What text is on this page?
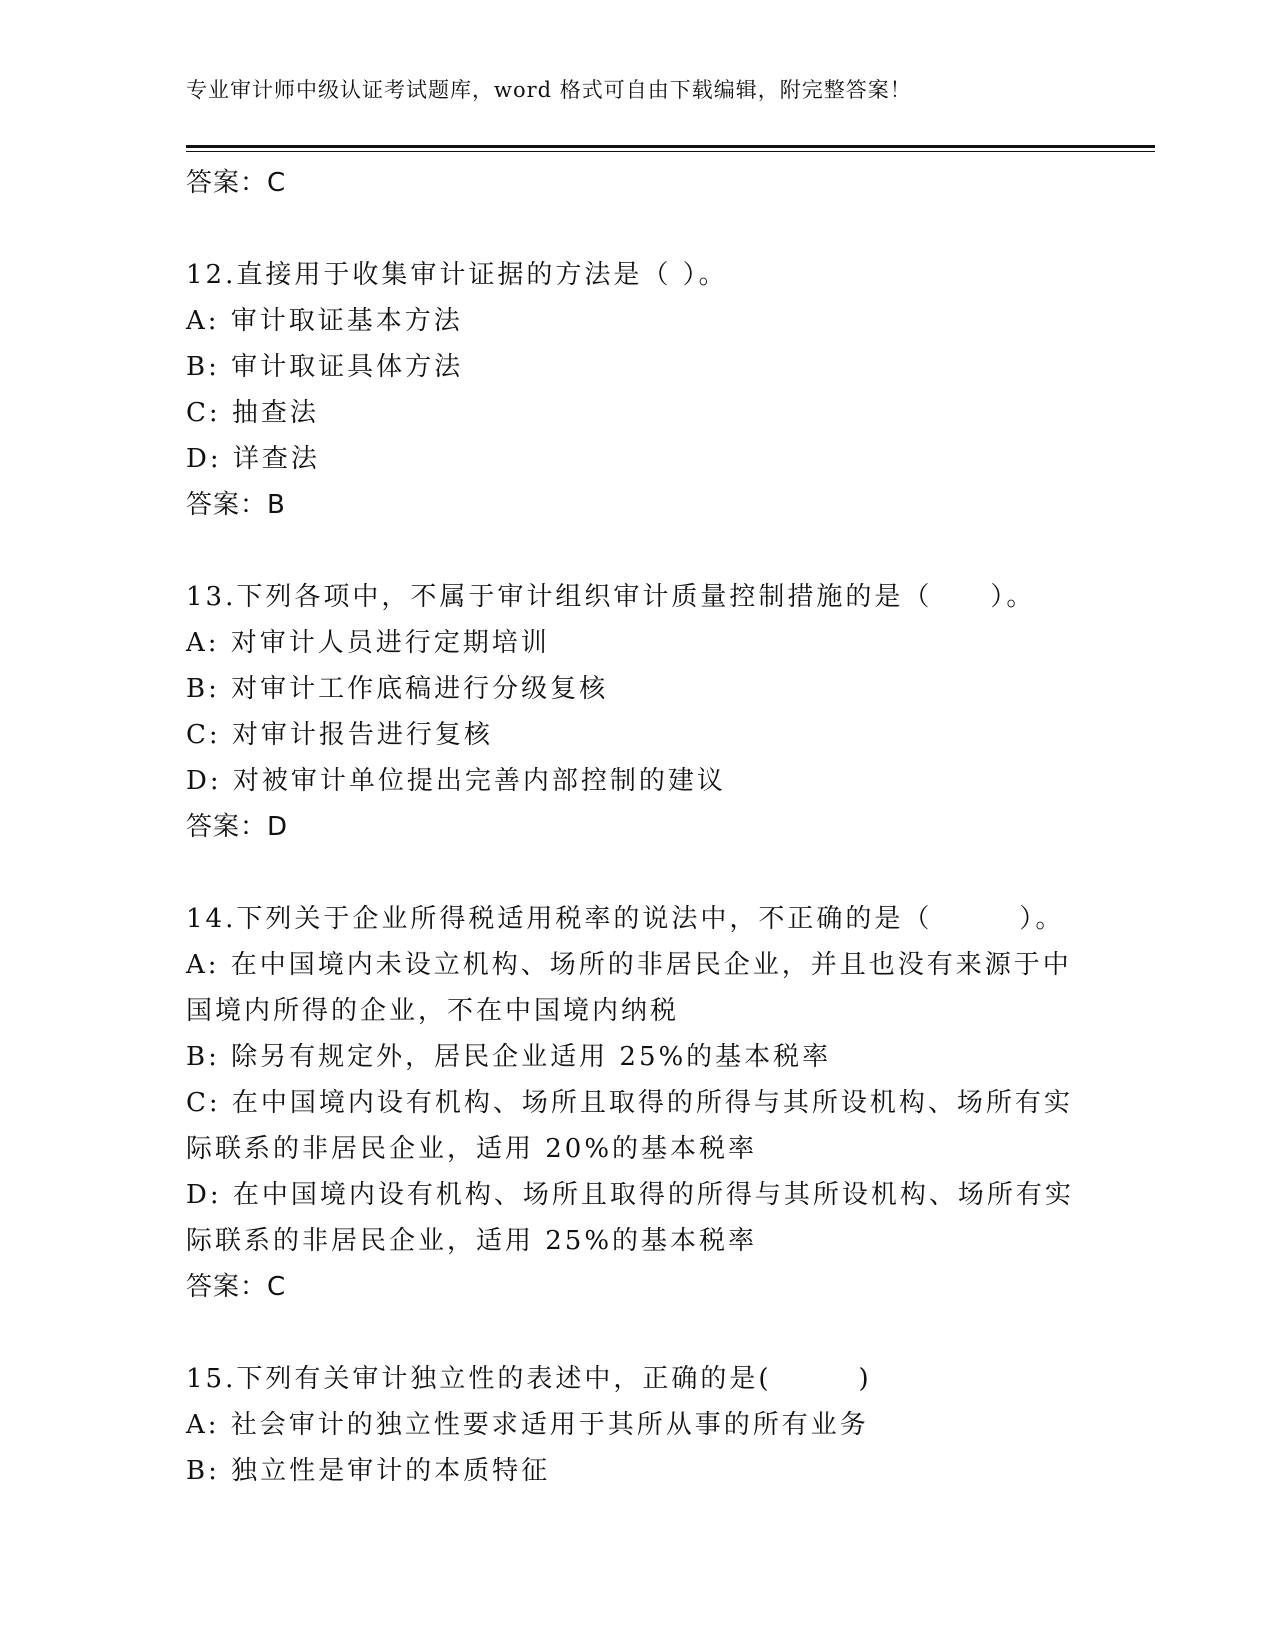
专业审计师中级认证考试题库，word 格式可自由下载编辑，附完整答案！
答案：C
12.直接用于收集审计证据的方法是（ ）。
A: 审计取证基本方法
B: 审计取证具体方法
C: 抽查法
D: 详查法
答案：B
13.下列各项中，不属于审计组织审计质量控制措施的是（　　）。
A: 对审计人员进行定期培训
B: 对审计工作底稿进行分级复核
C: 对审计报告进行复核
D: 对被审计单位提出完善内部控制的建议
答案：D
14.下列关于企业所得税适用税率的说法中，不正确的是（　　　）。
A: 在中国境内未设立机构、场所的非居民企业，并且也没有来源于中国境内所得的企业，不在中国境内纳税
B: 除另有规定外，居民企业适用 25%的基本税率
C: 在中国境内设有机构、场所且取得的所得与其所设机构、场所有实际联系的非居民企业，适用 20%的基本税率
D: 在中国境内设有机构、场所且取得的所得与其所设机构、场所有实际联系的非居民企业，适用 25%的基本税率
答案：C
15.下列有关审计独立性的表述中，正确的是(　　　)
A: 社会审计的独立性要求适用于其所从事的所有业务
B: 独立性是审计的本质特征
